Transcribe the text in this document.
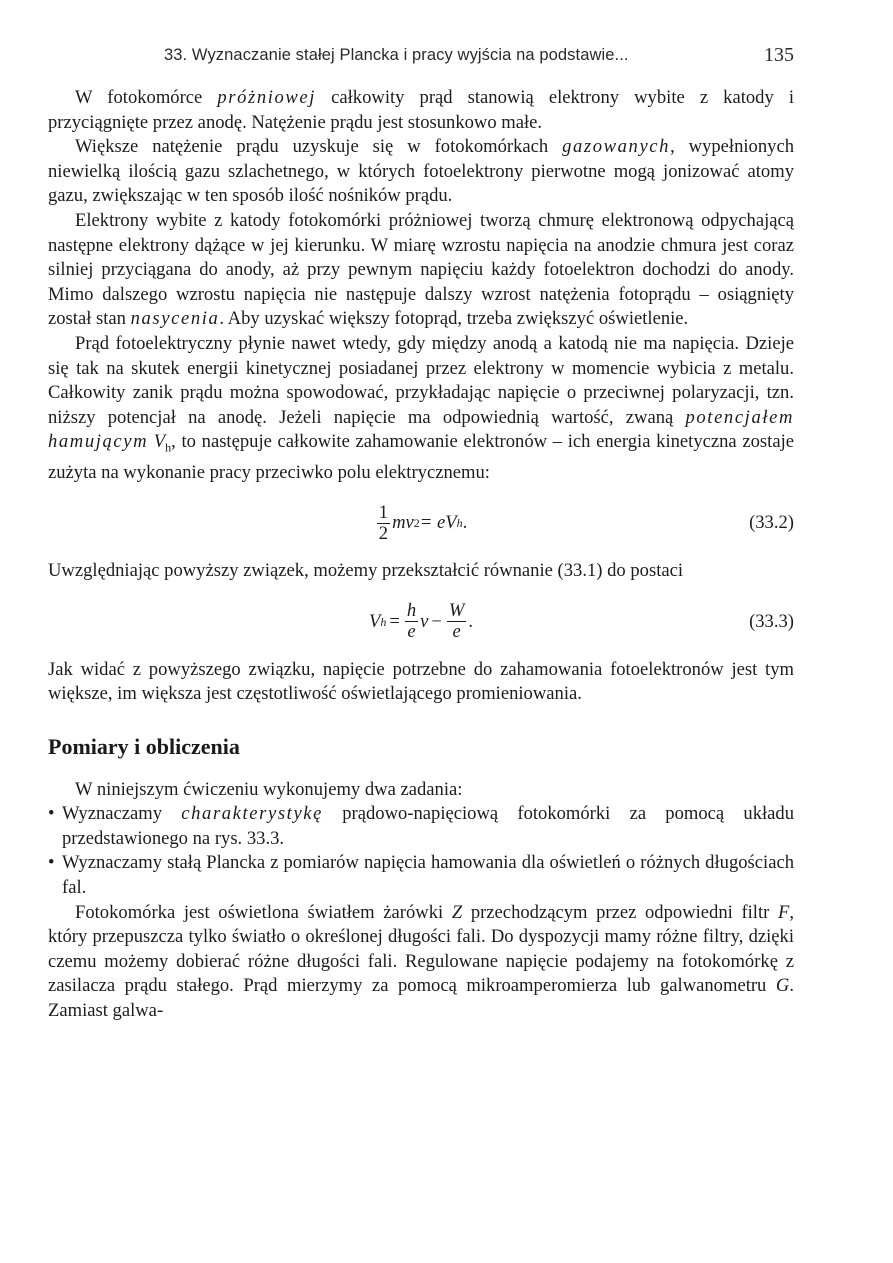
33. Wyznaczanie stałej Plancka i pracy wyjścia na podstawie...	135

W fotokomórce próżniowej całkowity prąd stanowią elektrony wybite z katody i przyciągnięte przez anodę. Natężenie prądu jest stosunkowo małe.

Większe natężenie prądu uzyskuje się w fotokomórkach gazowanych, wypełnionych niewielką ilością gazu szlachetnego, w których fotoelektrony pierwotne mogą jonizować atomy gazu, zwiększając w ten sposób ilość nośników prądu.

Elektrony wybite z katody fotokomórki próżniowej tworzą chmurę elektronową odpychającą następne elektrony dążące w jej kierunku. W miarę wzrostu napięcia na anodzie chmura jest coraz silniej przyciągana do anody, aż przy pewnym napięciu każdy fotoelektron dochodzi do anody. Mimo dalszego wzrostu napięcia nie następuje dalszy wzrost natężenia fotoprądu – osiągnięty został stan nasycenia. Aby uzyskać większy fotoprąd, trzeba zwiększyć oświetlenie.

Prąd fotoelektryczny płynie nawet wtedy, gdy między anodą a katodą nie ma napięcia. Dzieje się tak na skutek energii kinetycznej posiadanej przez elektrony w momencie wybicia z metalu. Całkowity zanik prądu można spowodować, przykładając napięcie o przeciwnej polaryzacji, tzn. niższy potencjał na anodę. Jeżeli napięcie ma odpowiednią wartość, zwaną potencjałem hamującym $V_h$, to następuje całkowite zahamowanie elektronów – ich energia kinetyczna zostaje zużyta na wykonanie pracy przeciwko polu elektrycznemu:

$\frac{1}{2}$ mv 2 = eV h .	(33.2)

Uwzględniając powyższy związek, możemy przekształcić równanie (33.1) do postaci

V $h = \frac{h}{e}$ $\nu - \frac{W}{e}$ .	(33.3)

Jak widać z powyższego związku, napięcie potrzebne do zahamowania fotoelektronów jest tym większe, im większa jest częstotliwość oświetlającego promieniowania.

Pomiary i obliczenia

W niniejszym ćwiczeniu wykonujemy dwa zadania:

• Wyznaczamy charakterystykę prądowo-napięciową fotokomórki za pomocą układu przedstawionego na rys. 33.3.
• Wyznaczamy stałą Plancka z pomiarów napięcia hamowania dla oświetleń o różnych długościach fal.

Fotokomórka jest oświetlona światłem żarówki Z przechodzącym przez odpowiedni filtr F, który przepuszcza tylko światło o określonej długości fali. Do dyspozycji mamy różne filtry, dzięki czemu możemy dobierać różne długości fali. Regulowane napięcie podajemy na fotokomórkę z zasilacza prądu stałego. Prąd mierzymy za pomocą mikroamperomierza lub galwanometru G. Zamiast galwa-
